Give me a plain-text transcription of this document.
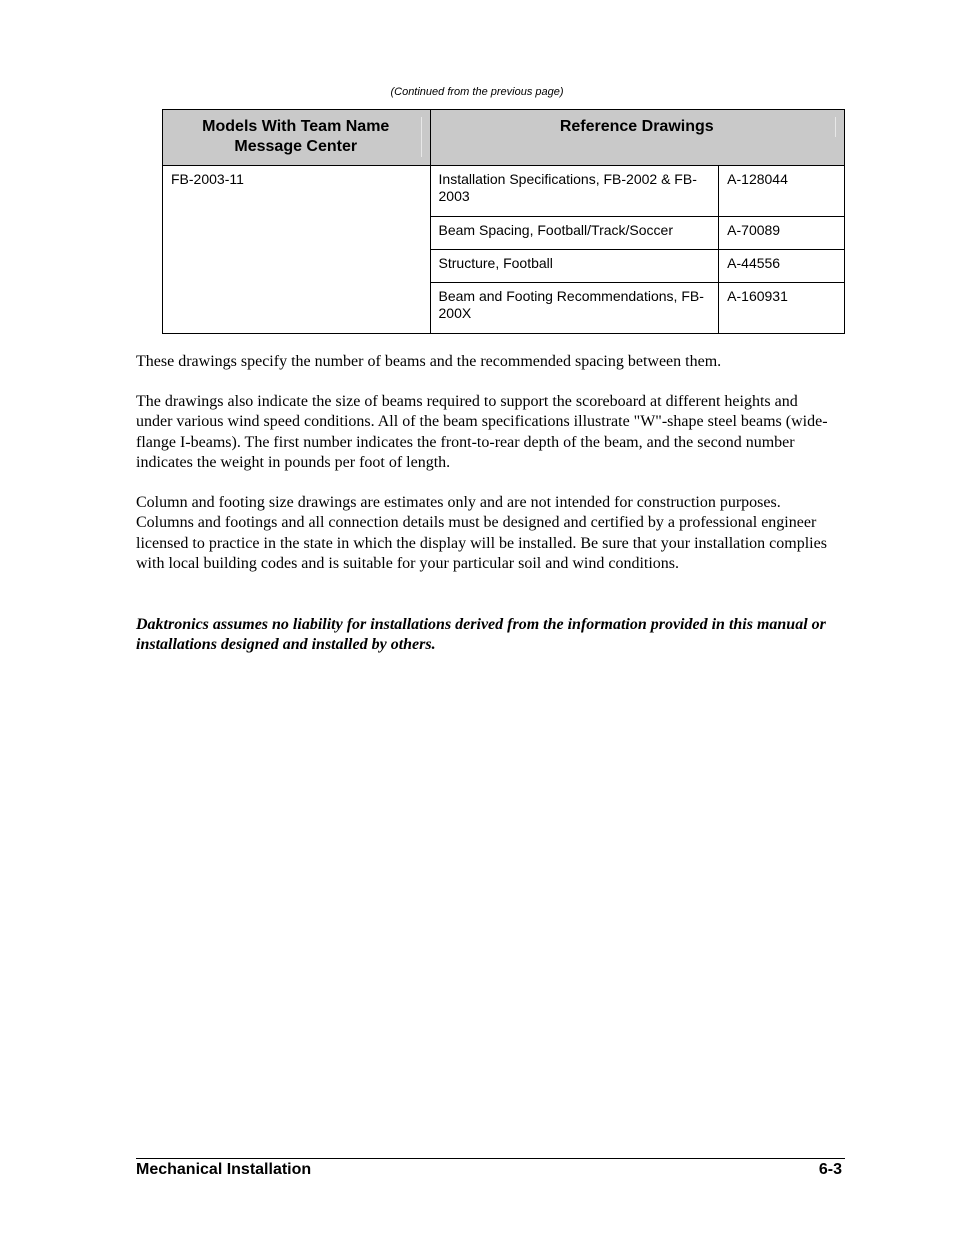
(Continued from the previous page)
Models With Team Name Message Center	Reference Drawings	

FB-2003-11	Installation Specifications, FB-2002 & FB-2003	A-128044
	Beam Spacing, Football/Track/Soccer	A-70089
	Structure, Football	A-44556
	Beam and Footing Recommendations, FB-200X	A-160931

These drawings specify the number of beams and the recommended spacing between them.

The drawings also indicate the size of beams required to support the scoreboard at different heights and under various wind speed conditions. All of the beam specifications illustrate "W"-shape steel beams (wide-flange I-beams). The first number indicates the front-to-rear depth of the beam, and the second number indicates the weight in pounds per foot of length.

Column and footing size drawings are estimates only and are not intended for construction purposes. Columns and footings and all connection details must be designed and certified by a professional engineer licensed to practice in the state in which the display will be installed. Be sure that your installation complies with local building codes and is suitable for your particular soil and wind conditions.

Daktronics assumes no liability for installations derived from the information provided in this manual or installations designed and installed by others.

Mechanical Installation	6-3
